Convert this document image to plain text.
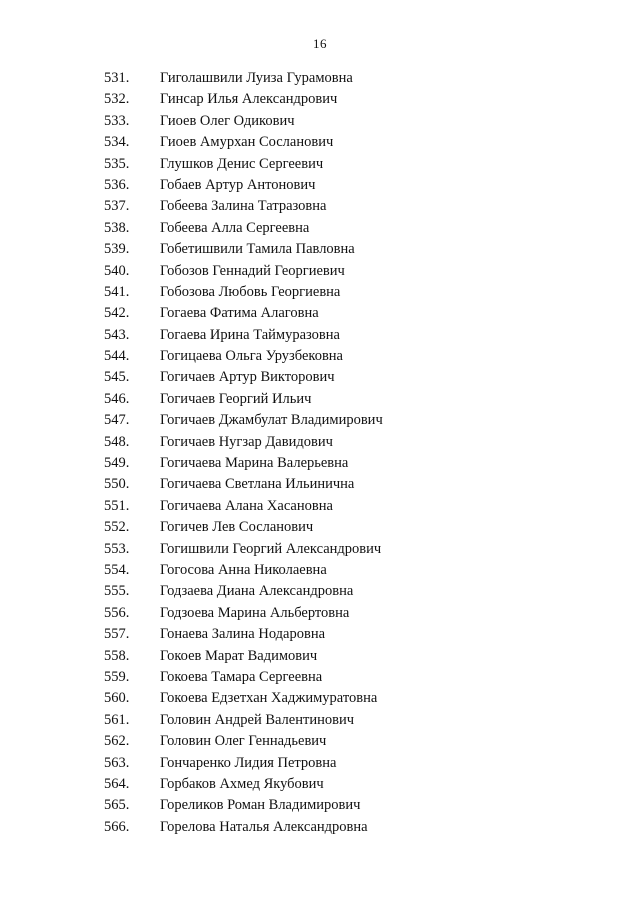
16
531.	Гиголашвили Луиза Гурамовна
532.	Гинсар Илья Александрович
533.	Гиоев Олег Одикович
534.	Гиоев Амурхан Сосланович
535.	Глушков Денис Сергеевич
536.	Гобаев Артур Антонович
537.	Гобеева Залина Татразовна
538.	Гобеева Алла Сергеевна
539.	Гобетишвили Тамила Павловна
540.	Гобозов Геннадий Георгиевич
541.	Гобозова Любовь Георгиевна
542.	Гогаева Фатима Алаговна
543.	Гогаева Ирина Таймуразовна
544.	Гогицаева Ольга Урузбековна
545.	Гогичаев Артур Викторович
546.	Гогичаев Георгий Ильич
547.	Гогичаев Джамбулат Владимирович
548.	Гогичаев Нугзар Давидович
549.	Гогичаева Марина Валерьевна
550.	Гогичаева Светлана Ильинична
551.	Гогичаева Алана Хасановна
552.	Гогичев Лев Сосланович
553.	Гогишвили Георгий Александрович
554.	Гогосова Анна Николаевна
555.	Годзаева Диана Александровна
556.	Годзоева Марина Альбертовна
557.	Гонаева Залина Нодаровна
558.	Гокоев Марат Вадимович
559.	Гокоева Тамара Сергеевна
560.	Гокоева Едзетхан Хаджимуратовна
561.	Головин Андрей Валентинович
562.	Головин Олег Геннадьевич
563.	Гончаренко Лидия Петровна
564.	Горбаков Ахмед Якубович
565.	Гореликов Роман Владимирович
566.	Горелова Наталья Александровна
